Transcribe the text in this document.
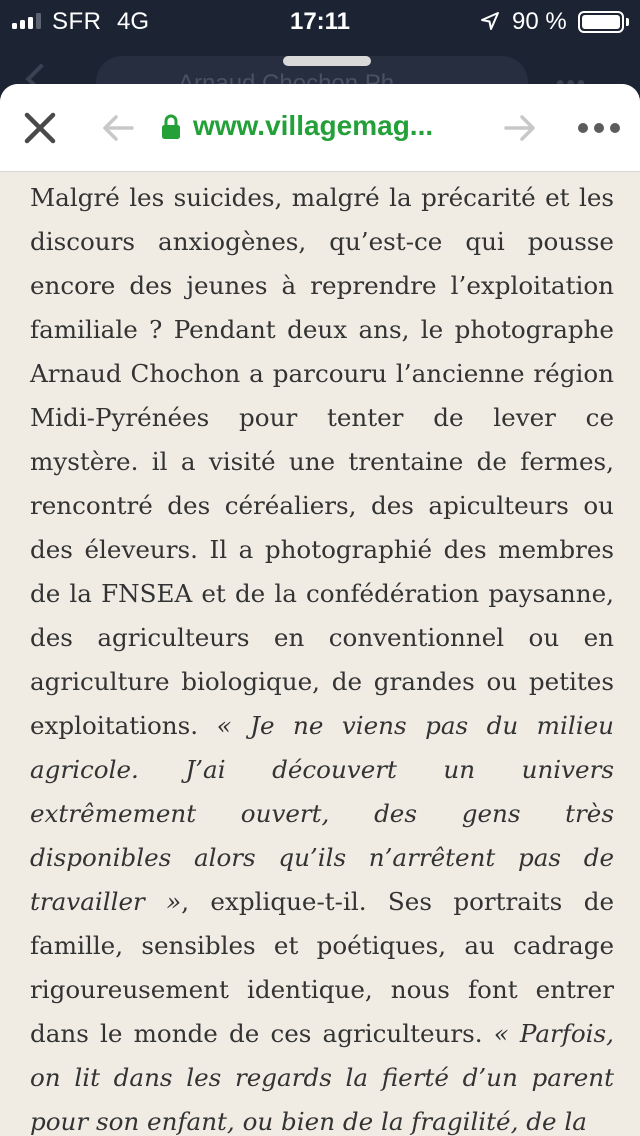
SFR 4G	17:11	90 %
www.villagemag...
Malgré les suicides, malgré la précarité et les discours anxiogènes, qu’est-ce qui pousse encore des jeunes à reprendre l’exploitation familiale ? Pendant deux ans, le photographe Arnaud Chochon a parcouru l’ancienne région Midi-Pyrénées pour tenter de lever ce mystère. il a visité une trentaine de fermes, rencontré des céréaliers, des apiculteurs ou des éleveurs. Il a photographié des membres de la FNSEA et de la confédération paysanne, des agriculteurs en conventionnel ou en agriculture biologique, de grandes ou petites exploitations. « Je ne viens pas du milieu agricole. J’ai découvert un univers extrêmement ouvert, des gens très disponibles alors qu’ils n’arrêtent pas de travailler », explique-t-il. Ses portraits de famille, sensibles et poétiques, au cadrage rigoureusement identique, nous font entrer dans le monde de ces agriculteurs. « Parfois, on lit dans les regards la fierté d’un parent pour son enfant, ou bien de la fragilité, de la
